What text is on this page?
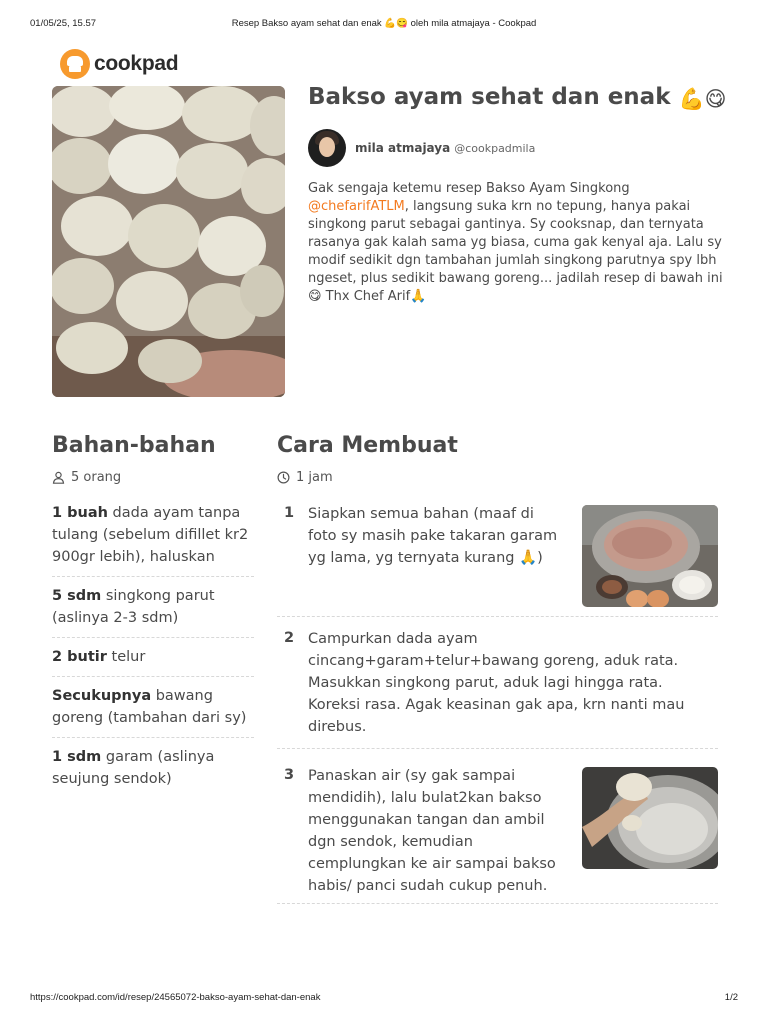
01/05/25, 15.57	Resep Bakso ayam sehat dan enak 💪😋 oleh mila atmajaya - Cookpad
cookpad
Bakso ayam sehat dan enak 💪😋
mila atmajaya @cookpadmila

Gak sengaja ketemu resep Bakso Ayam Singkong @chefarifATLM, langsung suka krn no tepung, hanya pakai singkong parut sebagai gantinya. Sy cooksnap, dan ternyata rasanya gak kalah sama yg biasa, cuma gak kenyal aja. Lalu sy modif sedikit dgn tambahan jumlah singkong parutnya spy lbh ngeset, plus sedikit bawang goreng... jadilah resep di bawah ini 😋 Thx Chef Arif🙏

Bahan-bahan
5 orang
1 buah dada ayam tanpa tulang (sebelum difillet kr2 900gr lebih), haluskan
5 sdm singkong parut (aslinya 2-3 sdm)
2 butir telur
Secukupnya bawang goreng (tambahan dari sy)
1 sdm garam (aslinya seujung sendok)
Cara Membuat
1 jam
1 Siapkan semua bahan (maaf di foto sy masih pake takaran garam yg lama, yg ternyata kurang 🙏)

2 Campurkan dada ayam cincang+garam+telur+bawang goreng, aduk rata. Masukkan singkong parut, aduk lagi hingga rata. Koreksi rasa. Agak keasinan gak apa, krn nanti mau direbus.

3 Panaskan air (sy gak sampai mendidih), lalu bulat2kan bakso menggunakan tangan dan ambil dgn sendok, kemudian cemplungkan ke air sampai bakso habis/ panci sudah cukup penuh.

https://cookpad.com/id/resep/24565072-bakso-ayam-sehat-dan-enak	1/2
